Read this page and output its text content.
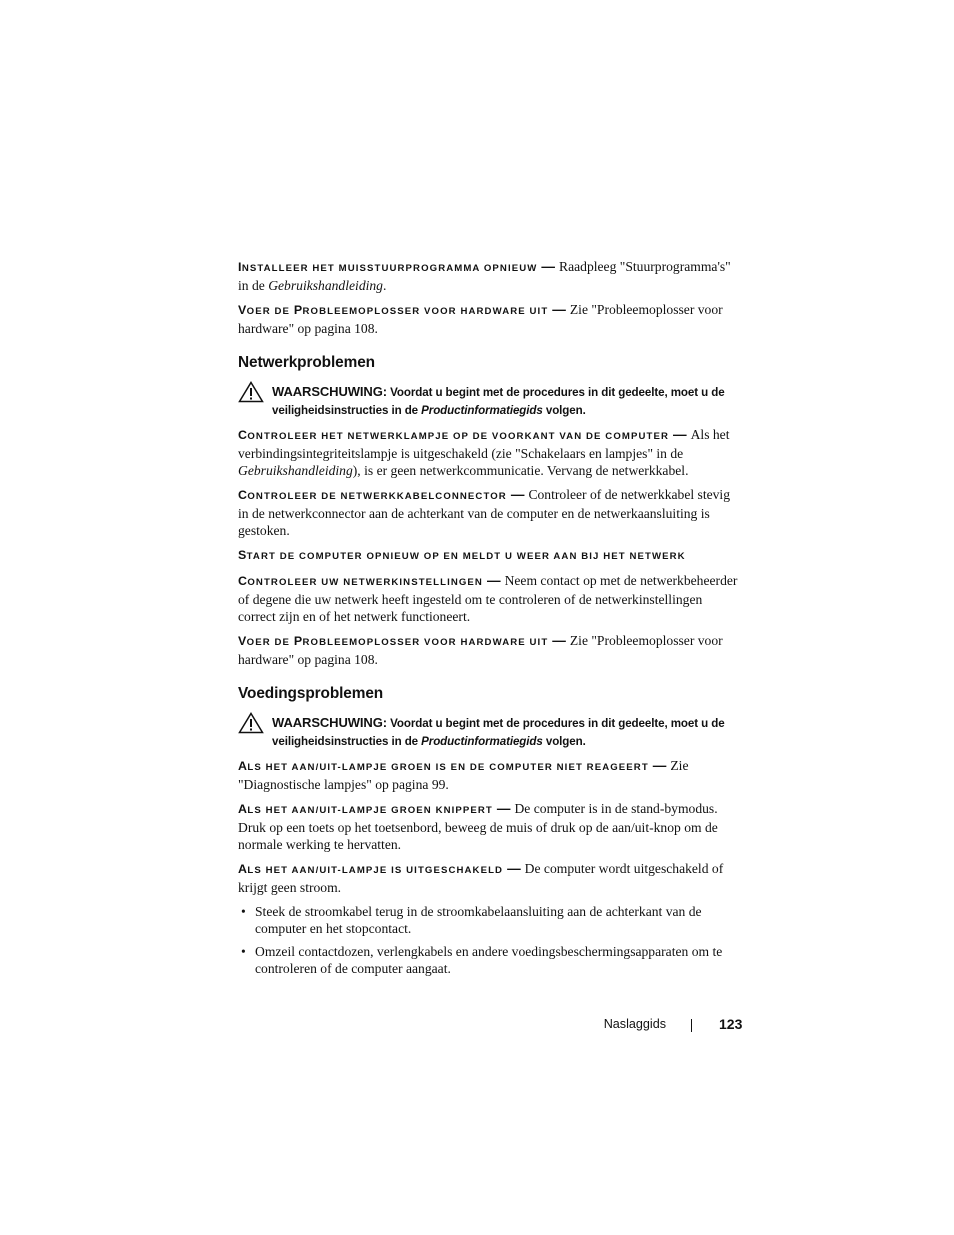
INSTALLEER HET MUISSTUURPROGRAMMA OPNIEUW — Raadpleeg "Stuurprogramma's" in de Gebruikshandleiding.

VOER DE PROBLEEMOPLOSSER VOOR HARDWARE UIT — Zie "Probleemoplosser voor hardware" op pagina 108.

Netwerkproblemen
WAARSCHUWING: Voordat u begint met de procedures in dit gedeelte, moet u de veiligheidsinstructies in de Productinformatiegids volgen.

CONTROLEER HET NETWERKLAMPJE OP DE VOORKANT VAN DE COMPUTER — Als het verbindingsintegriteitslampje is uitgeschakeld (zie "Schakelaars en lampjes" in de Gebruikshandleiding), is er geen netwerkcommunicatie. Vervang de netwerkkabel.

CONTROLEER DE NETWERKKABELCONNECTOR — Controleer of de netwerkkabel stevig in de netwerkconnector aan de achterkant van de computer en de netwerkaansluiting is gestoken.

START DE COMPUTER OPNIEUW OP EN MELDT U WEER AAN BIJ HET NETWERK

CONTROLEER UW NETWERKINSTELLINGEN — Neem contact op met de netwerkbeheerder of degene die uw netwerk heeft ingesteld om te controleren of de netwerkinstellingen correct zijn en of het netwerk functioneert.

VOER DE PROBLEEMOPLOSSER VOOR HARDWARE UIT — Zie "Probleemoplosser voor hardware" op pagina 108.

Voedingsproblemen
WAARSCHUWING: Voordat u begint met de procedures in dit gedeelte, moet u de veiligheidsinstructies in de Productinformatiegids volgen.

ALS HET AAN/UIT-LAMPJE GROEN IS EN DE COMPUTER NIET REAGEERT — Zie "Diagnostische lampjes" op pagina 99.

ALS HET AAN/UIT-LAMPJE GROEN KNIPPERT — De computer is in de stand-bymodus. Druk op een toets op het toetsenbord, beweeg de muis of druk op de aan/uit-knop om de normale werking te hervatten.

ALS HET AAN/UIT-LAMPJE IS UITGESCHAKELD — De computer wordt uitgeschakeld of krijgt geen stroom.

• Steek de stroomkabel terug in de stroomkabelaansluiting aan de achterkant van de computer en het stopcontact.
• Omzeil contactdozen, verlengkabels en andere voedingsbeschermingsapparaten om te controleren of de computer aangaat.
Naslaggids	123
